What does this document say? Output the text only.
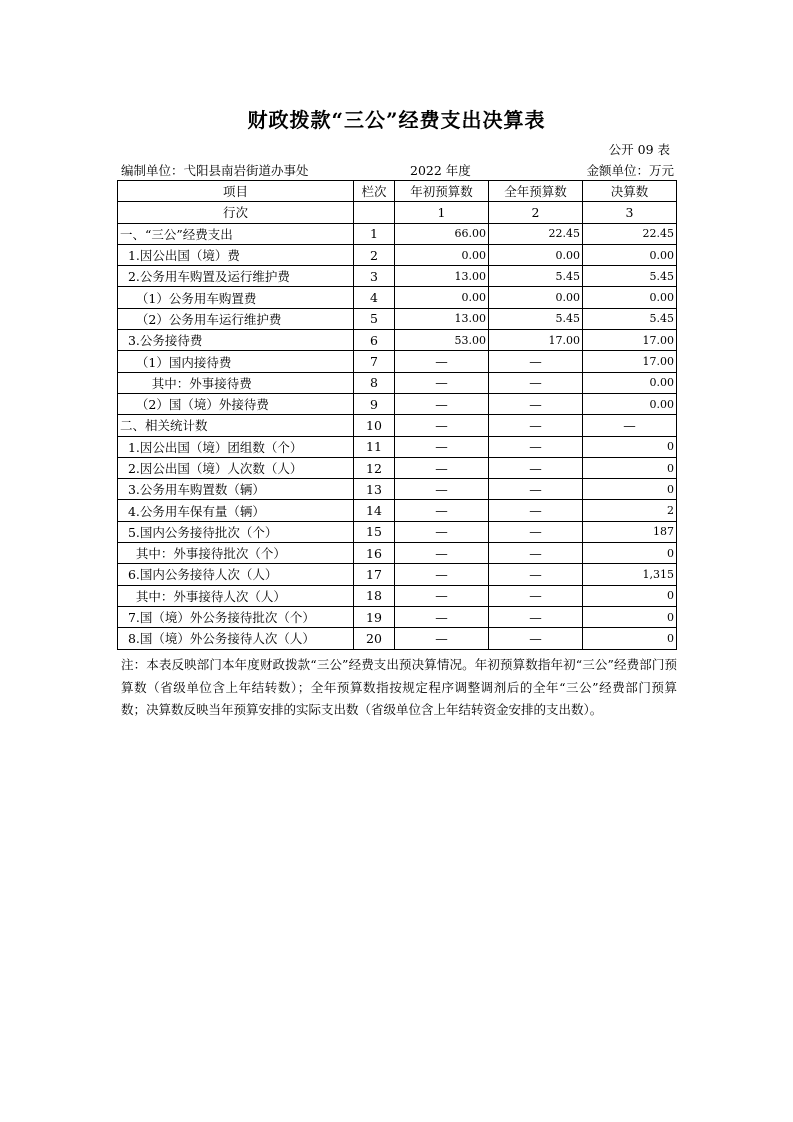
财政拨款“三公”经费支出决算表
公开 09 表
编制单位：弋阳县南岩街道办事处	2022 年度	金额单位：万元
项目	栏次	年初预算数	全年预算数	决算数
行次		1	2	3
一、“三公”经费支出	1	66.00	22.45	22.45
1.因公出国（境）费	2	0.00	0.00	0.00
2.公务用车购置及运行维护费	3	13.00	5.45	5.45
（1）公务用车购置费	4	0.00	0.00	0.00
（2）公务用车运行维护费	5	13.00	5.45	5.45
3.公务接待费	6	53.00	17.00	17.00
（1）国内接待费	7	—	—	17.00
其中：外事接待费	8	—	—	0.00
（2）国（境）外接待费	9	—	—	0.00
二、相关统计数	10	—	—	—
1.因公出国（境）团组数（个）	11	—	—	0
2.因公出国（境）人次数（人）	12	—	—	0
3.公务用车购置数（辆）	13	—	—	0
4.公务用车保有量（辆）	14	—	—	2
5.国内公务接待批次（个）	15	—	—	187
其中：外事接待批次（个）	16	—	—	0
6.国内公务接待人次（人）	17	—	—	1,315
其中：外事接待人次（人）	18	—	—	0
7.国（境）外公务接待批次（个）	19	—	—	0
8.国（境）外公务接待人次（人）	20	—	—	0
注：本表反映部门本年度财政拨款“三公”经费支出预决算情况。年初预算数指年初“三公”经费部门预算数（省级单位含上年结转数）；全年预算数指按规定程序调整调剂后的全年“三公”经费部门预算数；决算数反映当年预算安排的实际支出数（省级单位含上年结转资金安排的支出数）。
